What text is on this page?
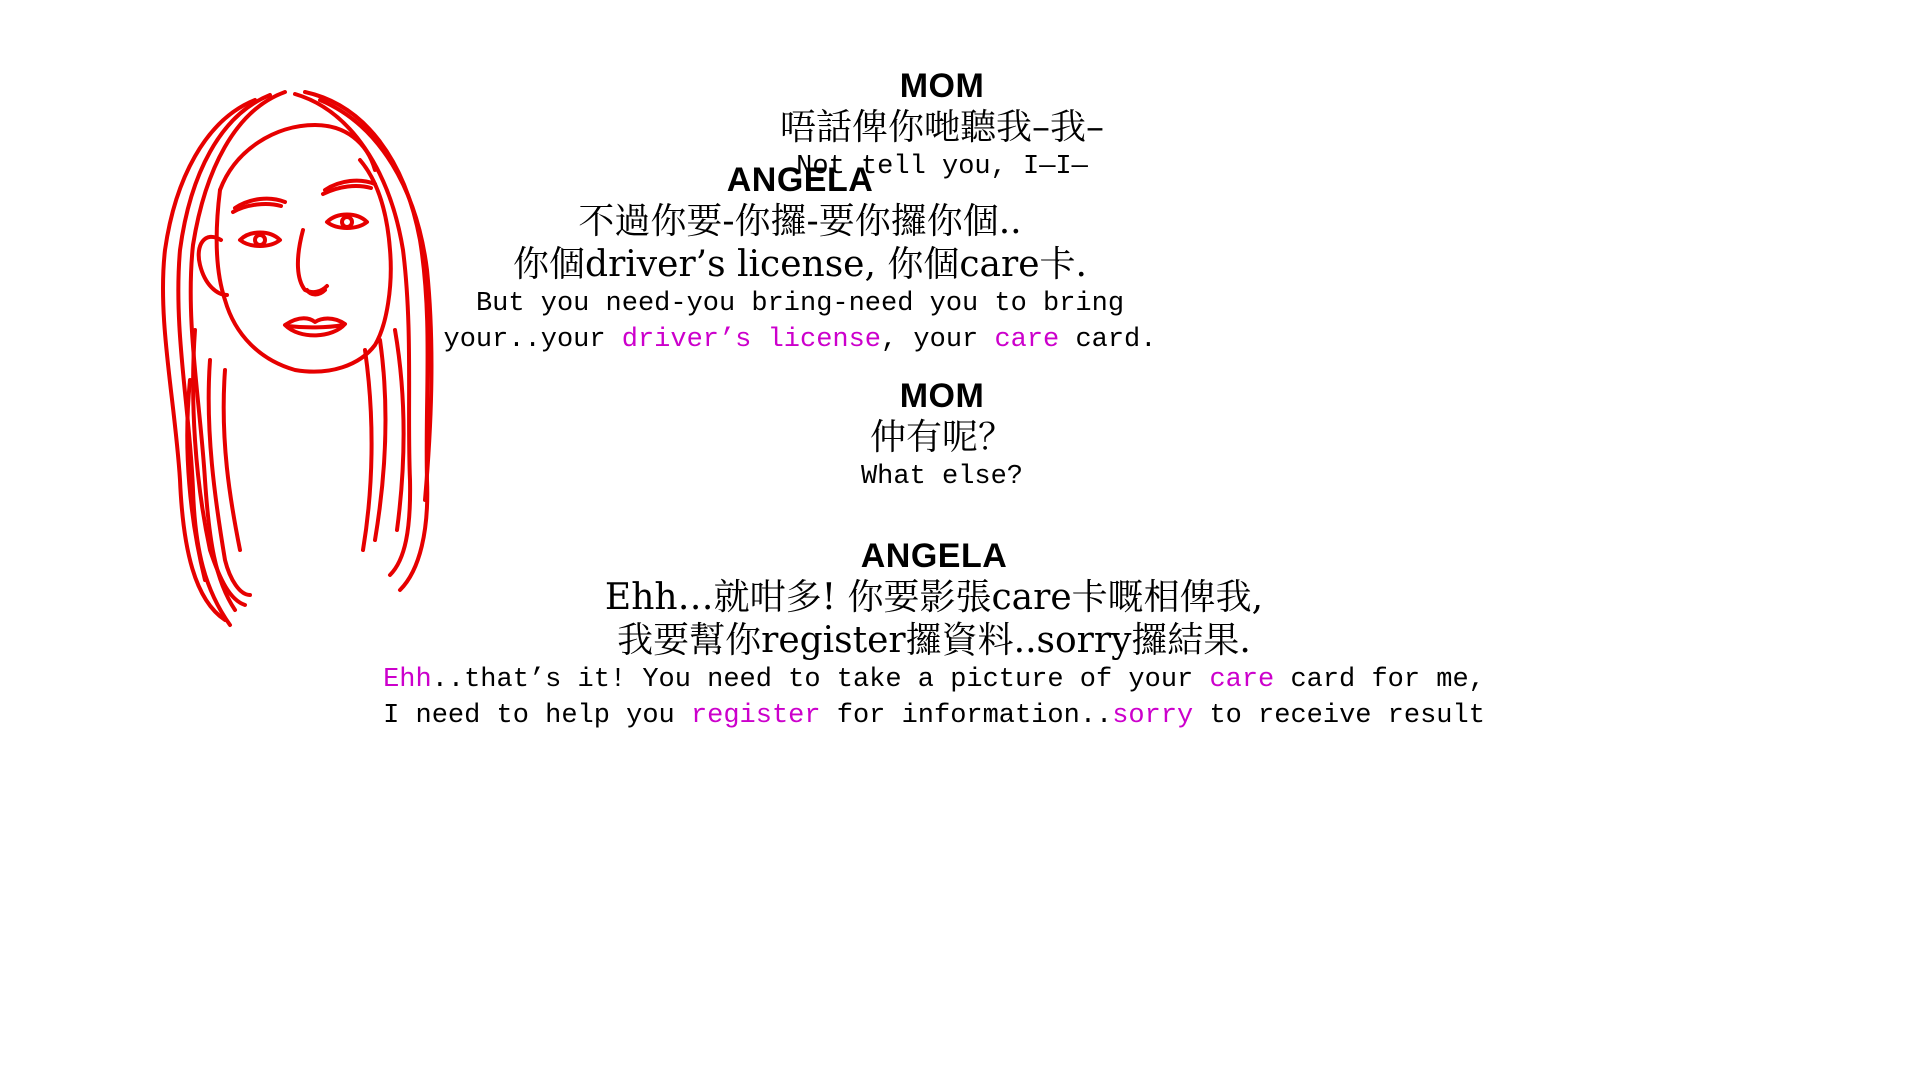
MOM
唔話俾你哋聽我–我–
Not tell you, I—I—
ANGELA
不過你要-你攞-要你攞你個..
你個driver’s license, 你個care卡.
But you need-you bring-need you to bring
your..your driver’s license, your care card.
MOM
仲有呢？
What else?
ANGELA
Ehh…就咁多! 你要影張care卡嘅相俾我,
我要幫你register攞資料..sorry攞結果.
Ehh..that’s it! You need to take a picture of your care card for me,
I need to help you register for information..sorry to receive result
